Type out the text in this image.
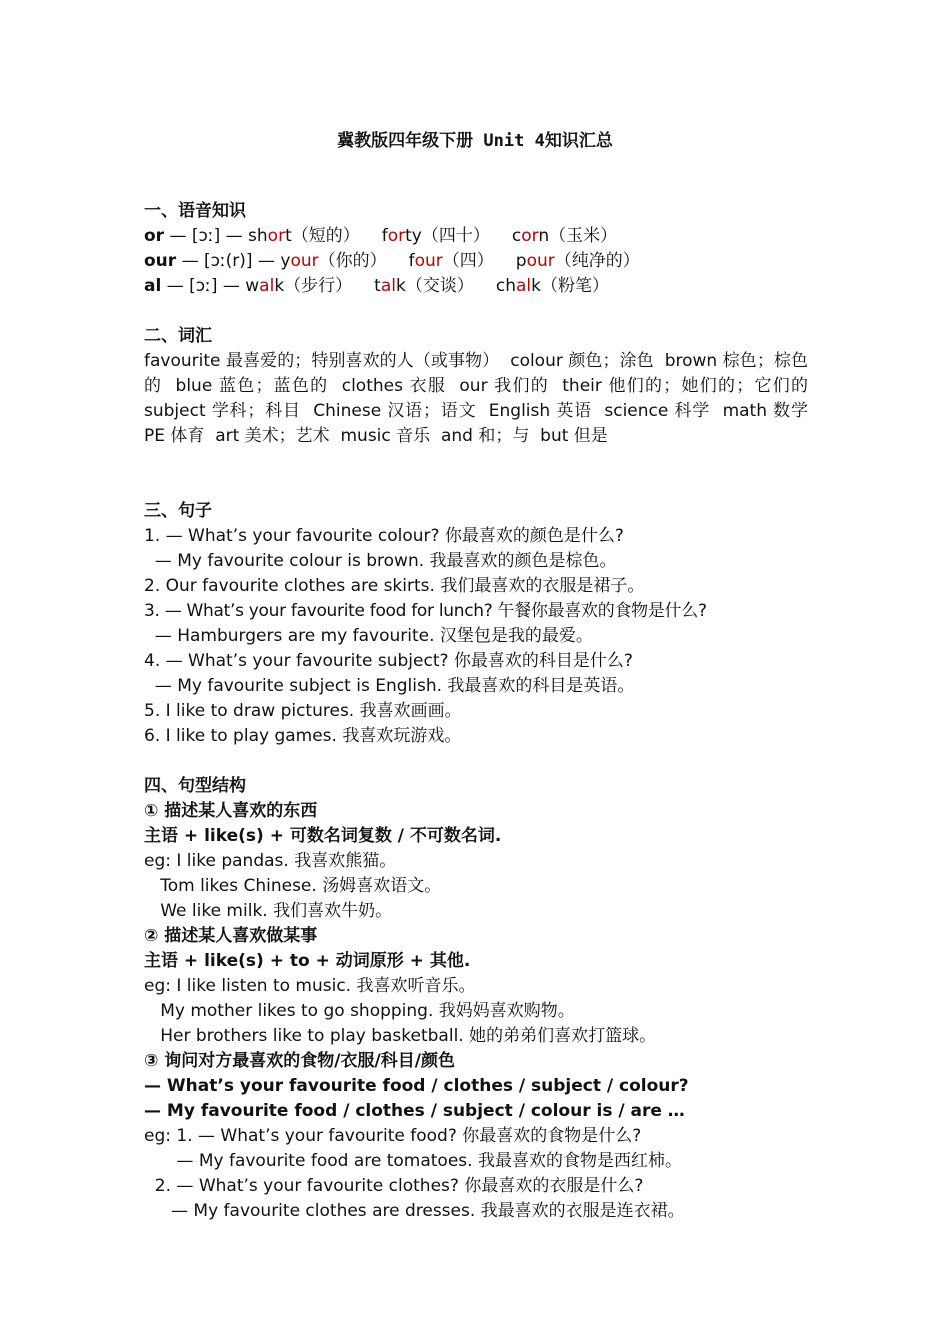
冀教版四年级下册 Unit 4知识汇总
一、语音知识
or — [ɔː] — short（短的） forty（四十） corn（玉米）
our — [ɔː(r)] — your（你的） four（四） pour（纯净的）
al — [ɔː] — walk（步行） talk（交谈） chalk（粉笔）
二、词汇
favourite 最喜爱的；特别喜欢的人（或事物）  colour 颜色；涂色  brown 棕色；棕色的  blue 蓝色；蓝色的  clothes 衣服  our 我们的  their 他们的；她们的；它们的  subject 学科；科目  Chinese 汉语；语文  English 英语  science 科学  math 数学  PE 体育  art 美术；艺术  music 音乐  and 和；与  but 但是
三、句子
1. — What’s your favourite colour? 你最喜欢的颜色是什么?
— My favourite colour is brown. 我最喜欢的颜色是棕色。
2. Our favourite clothes are skirts. 我们最喜欢的衣服是裙子。
3. — What’s your favourite food for lunch? 午餐你最喜欢的食物是什么?
— Hamburgers are my favourite. 汉堡包是我的最爱。
4. — What’s your favourite subject? 你最喜欢的科目是什么?
— My favourite subject is English. 我最喜欢的科目是英语。
5. I like to draw pictures. 我喜欢画画。
6. I like to play games. 我喜欢玩游戏。
四、句型结构
① 描述某人喜欢的东西
主语 + like(s) + 可数名词复数 / 不可数名词.
eg: I like pandas. 我喜欢熊猫。
Tom likes Chinese. 汤姆喜欢语文。
We like milk. 我们喜欢牛奶。
② 描述某人喜欢做某事
主语 + like(s) + to + 动词原形 + 其他.
eg: I like listen to music. 我喜欢听音乐。
My mother likes to go shopping. 我妈妈喜欢购物。
Her brothers like to play basketball. 她的弟弟们喜欢打篮球。
③ 询问对方最喜欢的食物/衣服/科目/颜色
— What’s your favourite food / clothes / subject / colour?
— My favourite food / clothes / subject / colour is / are …
eg: 1. — What’s your favourite food? 你最喜欢的食物是什么?
— My favourite food are tomatoes. 我最喜欢的食物是西红柿。
2. — What’s your favourite clothes? 你最喜欢的衣服是什么?
— My favourite clothes are dresses. 我最喜欢的衣服是连衣裙。
